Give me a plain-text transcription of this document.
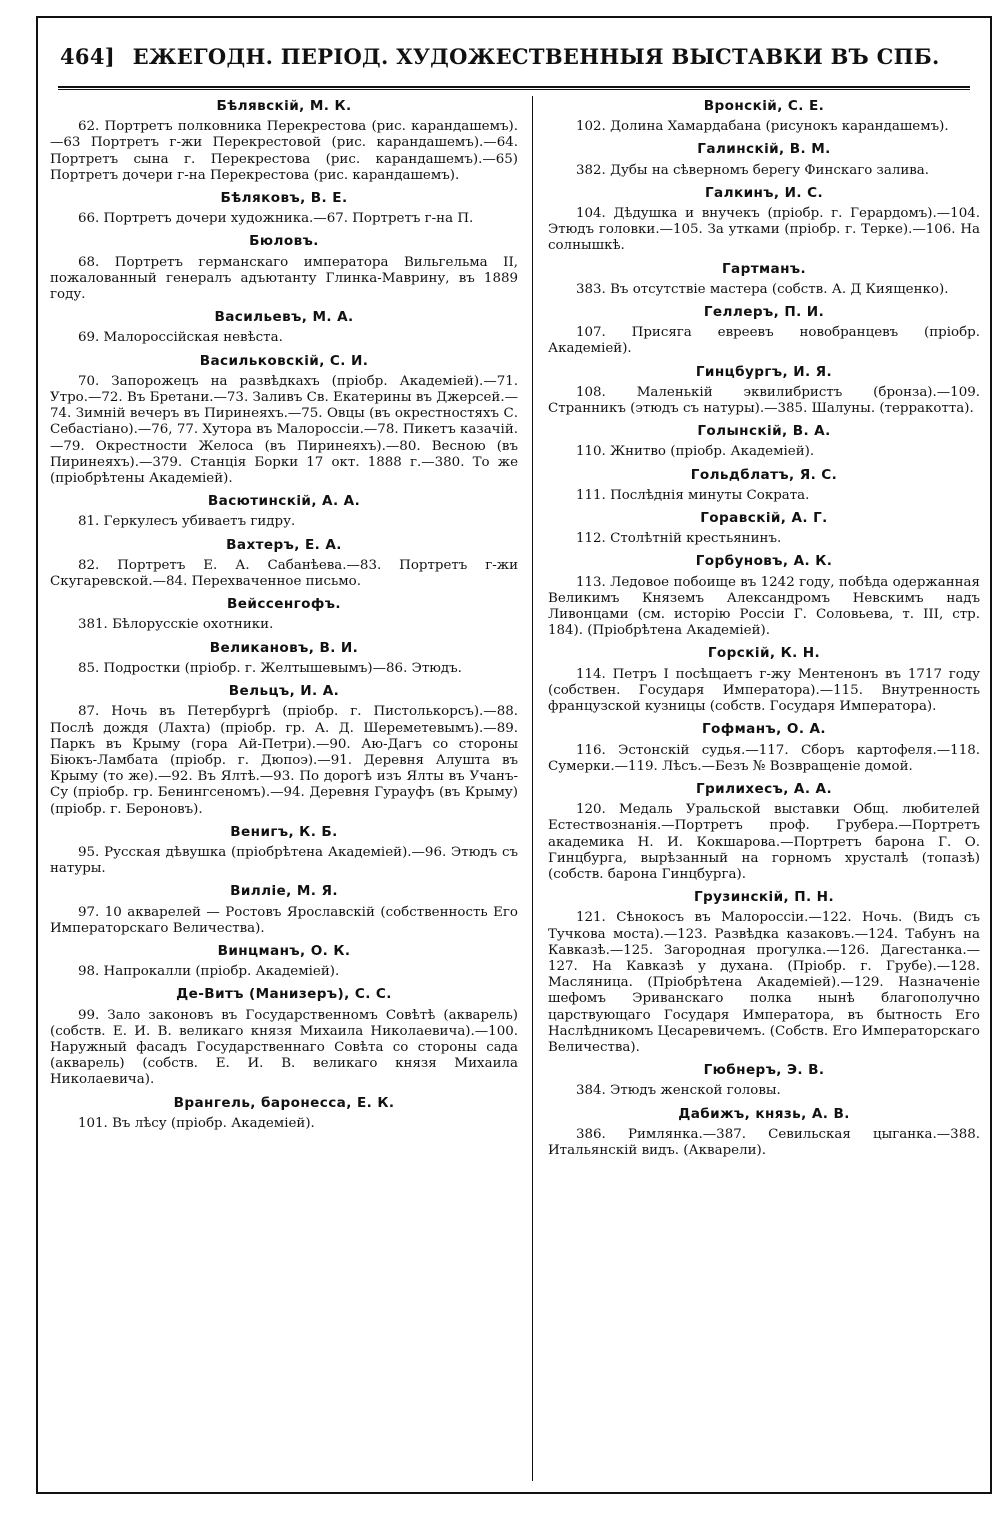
464] ЕЖЕГОДН. ПЕРІОД. ХУДОЖЕСТВЕННЫЯ ВЫСТАВКИ ВЪ СПБ.
Бѣлявскій, М. К.
62. Портретъ полковника Перекрестова (рис. карандашемъ).—63 Портретъ г-жи Перекрестовой (рис. карандашемъ).—64. Портретъ сына г. Перекрестова (рис. карандашемъ).—65) Портретъ дочери г-на Перекрестова (рис. карандашемъ).
Бѣляковъ, В. Е.
66. Портретъ дочери художника.—67. Портретъ г-на П.
Бюловъ.
68. Портретъ германскаго императора Вильгельма II, пожалованный генералъ адъютанту Глинка-Маврину, въ 1889 году.
Васильевъ, М. А.
69. Малороссійская невѣста.
Васильковскій, С. И.
70. Запорожецъ на развѣдкахъ (пріобр. Академіей).—71. Утро.—72. Въ Бретани.—73. Заливъ Св. Екатерины въ Джерсей.—74. Зимній вечеръ въ Пиринеяхъ.—75. Овцы (въ окрестностяхъ С. Себастіано).—76, 77. Хутора въ Малороссіи.—78. Пикетъ казачій.—79. Окрестности Желоса (въ Пиринеяхъ).—80. Весною (въ Пиринеяхъ).—379. Станція Борки 17 окт. 1888 г.—380. То же (пріобрѣтены Академіей).
Васютинскій, А. А.
81. Геркулесъ убиваетъ гидру.
Вахтеръ, Е. А.
82. Портретъ Е. А. Сабанѣева.—83. Портретъ г-жи Скугаревской.—84. Перехваченное письмо.
Вейссенгофъ.
381. Бѣлорусскіе охотники.
Великановъ, В. И.
85. Подростки (пріобр. г. Желтышевымъ)—86. Этюдъ.
Вельцъ, И. А.
87. Ночь въ Петербургѣ (пріобр. г. Пистолькорсъ).—88. Послѣ дождя (Лахта) (пріобр. гр. А. Д. Шереметевымъ).—89. Паркъ въ Крыму (гора Ай-Петри).—90. Аю-Дагъ со стороны Біюкъ-Ламбата (пріобр. г. Дюпоэ).—91. Деревня Алушта въ Крыму (то же).—92. Въ Ялтѣ.—93. По дорогѣ изъ Ялты въ Учанъ-Су (пріобр. гр. Бенингсеномъ).—94. Деревня Гурауфъ (въ Крыму) (пріобр. г. Бероновъ).
Венигъ, К. Б.
95. Русская дѣвушка (пріобрѣтена Академіей).—96. Этюдъ съ натуры.
Виллie, М. Я.
97. 10 акварелей — Ростовъ Ярославскій (собственность Его Императорскаго Величества).
Винцманъ, О. К.
98. Напрокалли (пріобр. Академіей).
Де-Витъ (Манизеръ), С. С.
99. Зало законовъ въ Государственномъ Совѣтѣ (акварель) (собств. Е. И. В. великаго князя Михаила Николаевича).—100. Наружный фасадъ Государственнаго Совѣта со стороны сада (акварель) (собств. Е. И. В. великаго князя Михаила Николаевича).
Врангель, баронесса, Е. К.
101. Въ лѣсу (пріобр. Академіей).
Вронскій, С. Е.
102. Долина Хамардабана (рисунокъ карандашемъ).
Галинскій, В. М.
382. Дубы на сѣверномъ берегу Финскаго залива.
Галкинъ, И. С.
104. Дѣдушка и внучекъ (пріобр. г. Герардомъ).—104. Этюдъ головки.—105. За утками (пріобр. г. Терке).—106. На солнышкѣ.
Гартманъ.
383. Въ отсутствіе мастера (собств. А. Д Киященко).
Геллеръ, П. И.
107. Присяга евреевъ новобранцевъ (пріобр. Академіей).
Гинцбургъ, И. Я.
108. Маленькій эквилибристъ (бронза).—109. Странникъ (этюдъ съ натуры).—385. Шалуны. (терракотта).
Голынскій, В. А.
110. Жнитво (пріобр. Академіей).
Гольдблатъ, Я. С.
111. Послѣднія минуты Сократа.
Горавскій, А. Г.
112. Столѣтній крестьянинъ.
Горбуновъ, А. К.
113. Ледовое побоище въ 1242 году, побѣда одержанная Великимъ Княземъ Александромъ Невскимъ надъ Ливонцами (см. исторію Россіи Г. Соловьева, т. III, стр. 184). (Пріобрѣтена Академіей).
Горскій, К. Н.
114. Петръ I посѣщаетъ г-жу Ментенонъ въ 1717 году (собствен. Государя Императора).—115. Внутренность французской кузницы (собств. Государя Императора).
Гофманъ, О. А.
116. Эстонскій судья.—117. Сборъ картофеля.—118. Сумерки.—119. Лѣсъ.—Безъ № Возвращеніе домой.
Грилихесъ, А. А.
120. Медаль Уральской выставки Общ. любителей Естествознанія.—Портретъ проф. Грубера.—Портретъ академика Н. И. Кокшарова.—Портретъ барона Г. О. Гинцбурга, вырѣзанный на горномъ хрусталѣ (топазѣ) (собств. барона Гинцбурга).
Грузинскій, П. Н.
121. Сѣнокосъ въ Малороссіи.—122. Ночь. (Видъ съ Тучкова моста).—123. Развѣдка казаковъ.—124. Табунъ на Кавказѣ.—125. Загородная прогулка.—126. Дагестанка.—127. На Кавказѣ у духана. (Пріобр. г. Грубе).—128. Масляница. (Пріобрѣтена Академіей).—129. Назначеніе шефомъ Эриванскаго полка нынѣ благополучно царствующаго Государя Императора, въ бытность Его Наслѣдникомъ Цесаревичемъ. (Собств. Его Императорскаго Величества).
Гюбнеръ, Э. В.
384. Этюдъ женской головы.
Дабижъ, князь, А. В.
386. Римлянка.—387. Севильская цыганка.—388. Итальянскій видъ. (Акварели).
